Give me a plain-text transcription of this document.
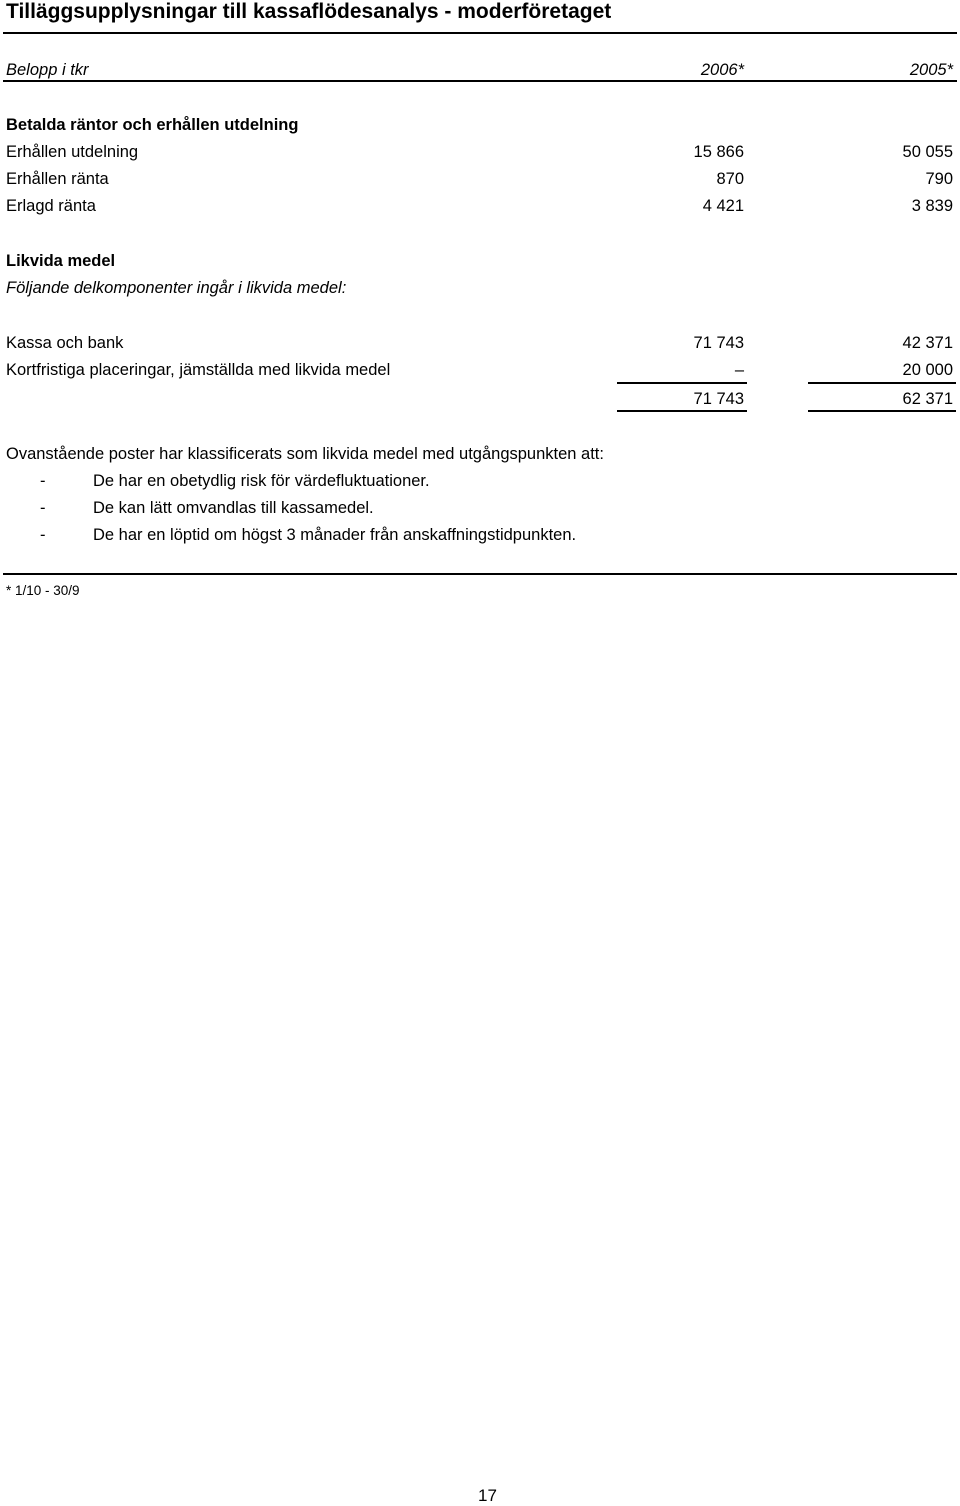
Tilläggsupplysningar till kassaflödesanalys - moderföretaget
Belopp i tkr	2006*	2005*
Betalda räntor och erhållen utdelning
Erhållen utdelning	15 866	50 055
Erhållen ränta	870	790
Erlagd ränta	4 421	3 839
Likvida medel
Följande delkomponenter ingår i likvida medel:
Kassa och bank	71 743	42 371
Kortfristiga placeringar, jämställda med likvida medel	–	20 000
71 743	62 371
Ovanstående poster har klassificerats som likvida medel med utgångspunkten att:
-	De har en obetydlig risk för värdefluktuationer.
-	De kan lätt omvandlas till kassamedel.
-	De har en löptid om högst 3 månader från anskaffningstidpunkten.
* 1/10 - 30/9
17
